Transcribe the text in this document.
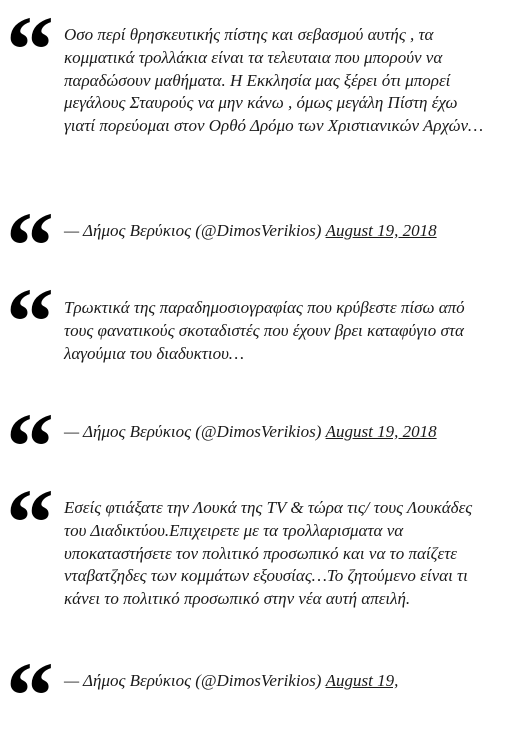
“ Οσο περί θρησκευτικής πίστης και σεβασμού αυτής , τα κομματικά τρολλάκια είναι τα τελευταια που μπορούν να παραδώσουν μαθήματα. Η Εκκλησία μας ξέρει ότι μπορεί μεγάλους Σταυρούς να μην κάνω , όμως μεγάλη Πίστη έχω γιατί πορεύομαι στον Ορθό Δρόμο των Χριστιανικών Αρχών…
“ — Δήμος Βερύκιος (@DimosVerikios) August 19, 2018
“ Τρωκτικά της παραδημοσιογραφίας που κρύβεστε πίσω από τους φανατικούς σκοταδιστές που έχουν βρει καταφύγιο στα λαγούμια του διαδυκτιου…
“ — Δήμος Βερύκιος (@DimosVerikios) August 19, 2018
“ Εσείς φτιάξατε την Λουκά της TV & τώρα τις/ τους Λουκάδες του Διαδικτύου.Επιχειρετε με τα τρολλαρισματα να υποκαταστήσετε τον πολιτικό προσωπικό και να το παίζετε νταβατζηδες των κομμάτων εξουσίας…Το ζητούμενο είναι τι κάνει το πολιτικό προσωπικό στην νέα αυτή απειλή.
“ — Δήμος Βερύκιος (@DimosVerikios) August 19,
